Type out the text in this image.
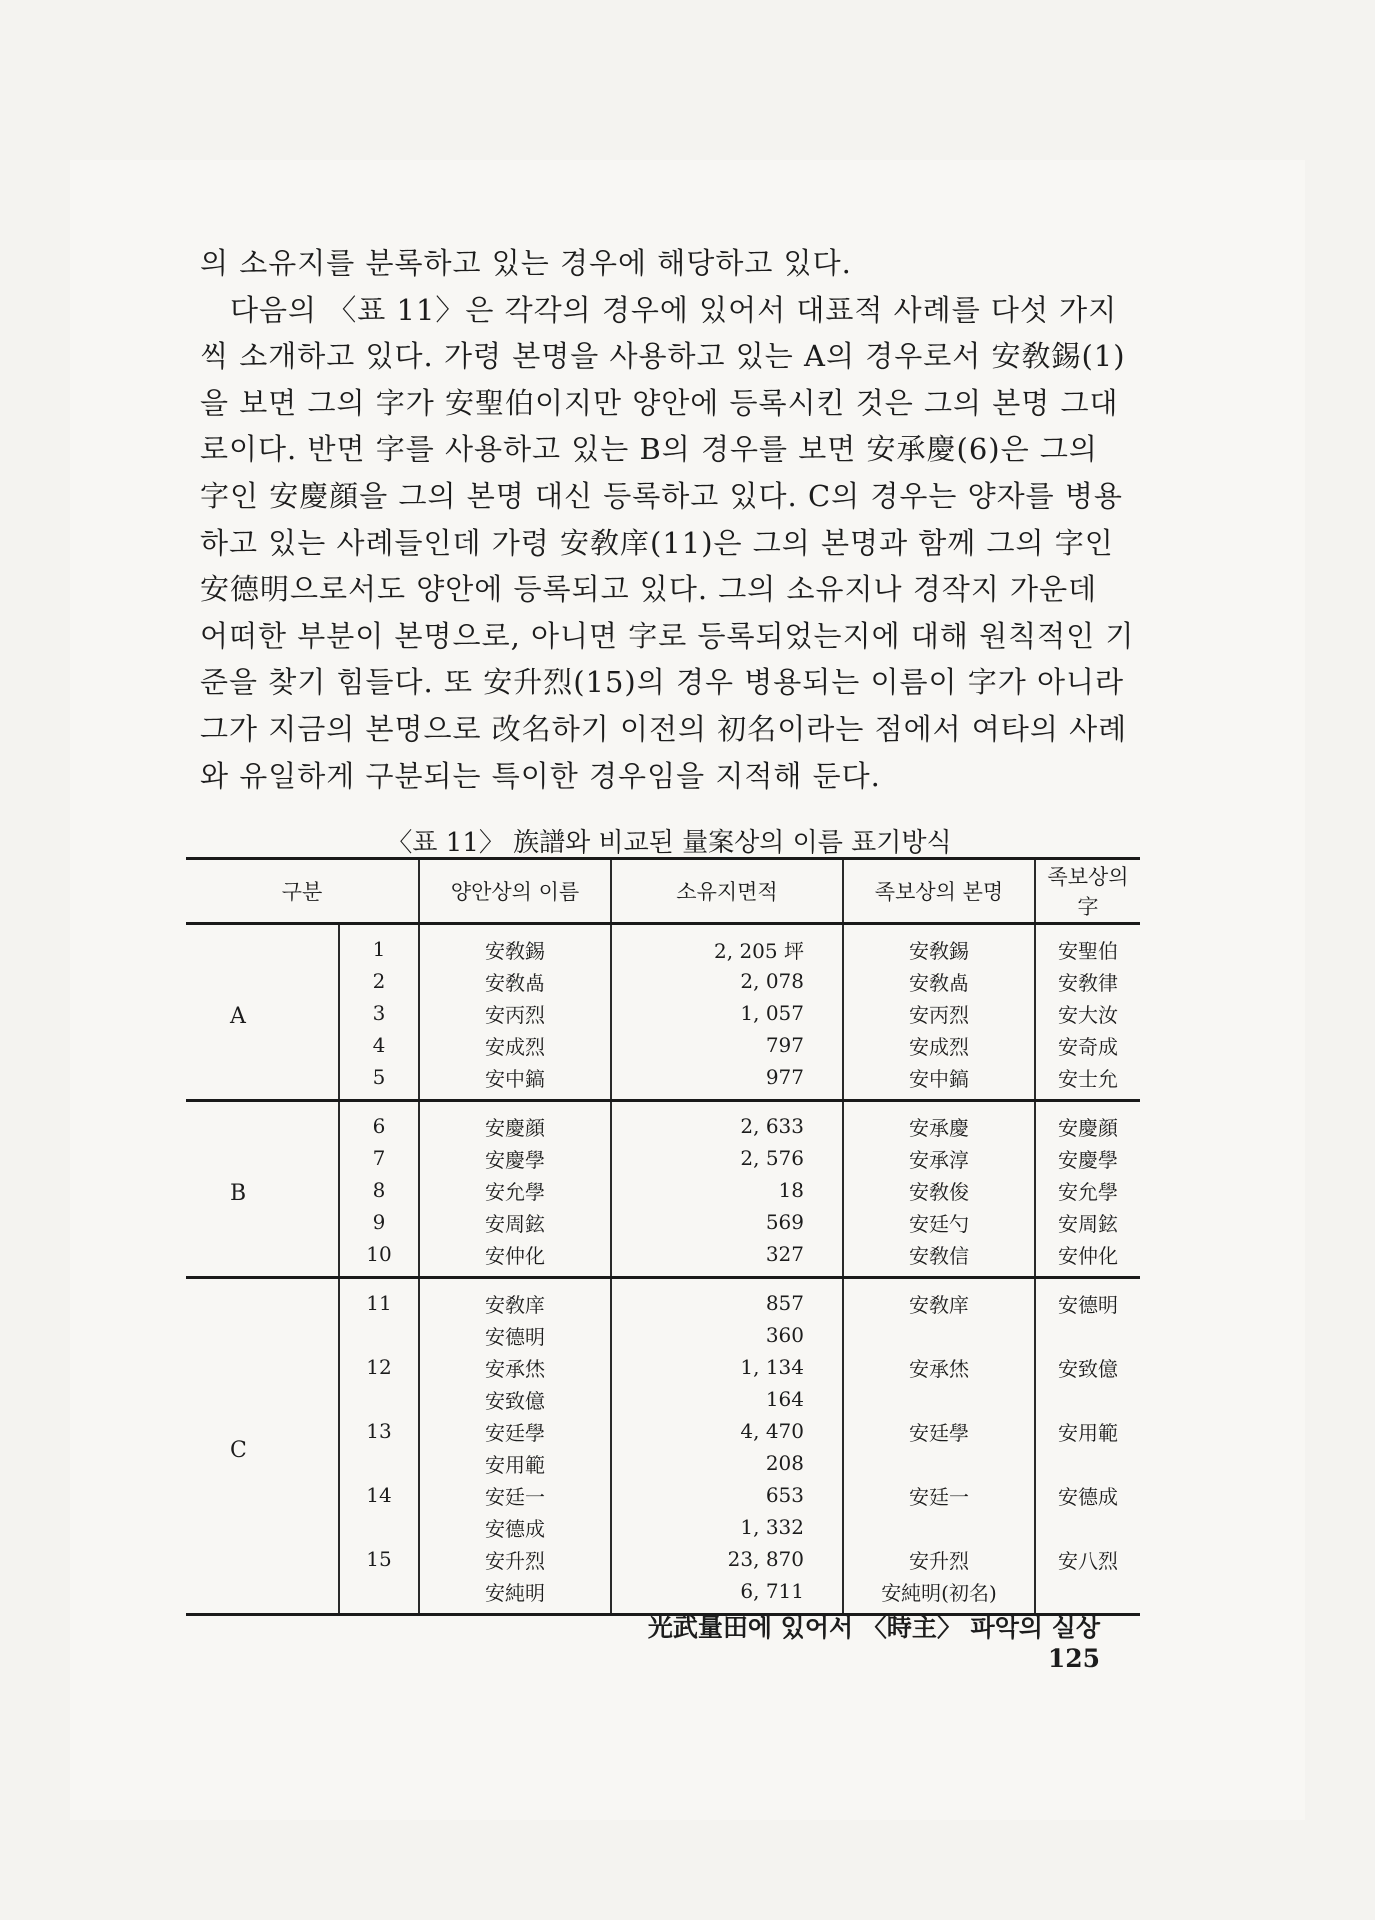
의 소유지를 분록하고 있는 경우에 해당하고 있다.

다음의 〈표 11〉은 각각의 경우에 있어서 대표적 사례를 다섯 가지씩 소개하고 있다. 가령 본명을 사용하고 있는 A의 경우로서 安敎錫(1)을 보면 그의 字가 安聖伯이지만 양안에 등록시킨 것은 그의 본명 그대로이다. 반면 字를 사용하고 있는 B의 경우를 보면 安承慶(6)은 그의 字인 安慶顔을 그의 본명 대신 등록하고 있다. C의 경우는 양자를 병용하고 있는 사례들인데 가령 安敎庠(11)은 그의 본명과 함께 그의 字인 安德明으로서도 양안에 등록되고 있다. 그의 소유지나 경작지 가운데 어떠한 부분이 본명으로, 아니면 字로 등록되었는지에 대해 원칙적인 기준을 찾기 힘들다. 또 安升烈(15)의 경우 병용되는 이름이 字가 아니라 그가 지금의 본명으로 改名하기 이전의 初名이라는 점에서 여타의 사례와 유일하게 구분되는 특이한 경우임을 지적해 둔다.

〈표 11〉 族譜와 비교된 量案상의 이름 표기방식
구분		양안상의 이름	소유지면적	족보상의 본명	족보상의 字
A	1	安敎錫	2, 205 坪	安敎錫	安聖伯
	2	安敎卨	2, 078	安敎卨	安敎律
	3	安丙烈	1, 057	安丙烈	安大汝
	4	安成烈	797	安成烈	安奇成
	5	安中鎬	977	安中鎬	安士允
B	6	安慶顔	2, 633	安承慶	安慶顔
	7	安慶學	2, 576	安承淳	安慶學
	8	安允學	18	安敎俊	安允學
	9	安周鉉	569	安廷勺	安周鉉
	10	安仲化	327	安敎信	安仲化
C	11	安敎庠	857	安敎庠	安德明
		安德明	360		
	12	安承烋	1, 134	安承烋	安致億
		安致億	164		
	13	安廷學	4, 470	安廷學	安用範
		安用範	208		
	14	安廷一	653	安廷一	安德成
		安德成	1, 332		
	15	安升烈	23, 870	安升烈	安八烈
		安純明	6, 711	安純明(初名)	
光武量田에 있어서 〈時主〉 파악의 실상125
